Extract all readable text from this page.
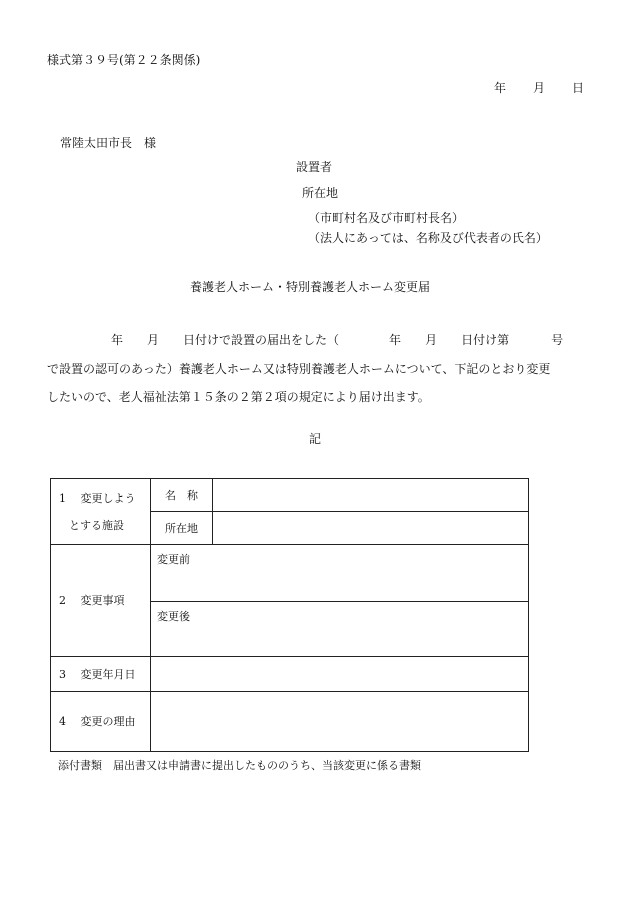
様式第３９号(第２２条関係)
年 月 日
常陸太田市長　様
設置者
所在地
（市町村名及び市町村長名）
（法人にあっては、名称及び代表者の氏名）
養護老人ホーム・特別養護老人ホーム変更届
年 月 日付けで設置の届出をした（	年 月 日付け第	号
で設置の認可のあった）養護老人ホーム又は特別養護老人ホームについて、下記のとおり変更
したいので、老人福祉法第１５条の２第２項の規定により届け出ます。
記
1　 変更しよう
とする施設	名　称	
	所在地	
2　 変更事項	変更前	
	変更後	
3　 変更年月日		
4　 変更の理由		
添付書類　届出書又は申請書に提出したもののうち、当該変更に係る書類
